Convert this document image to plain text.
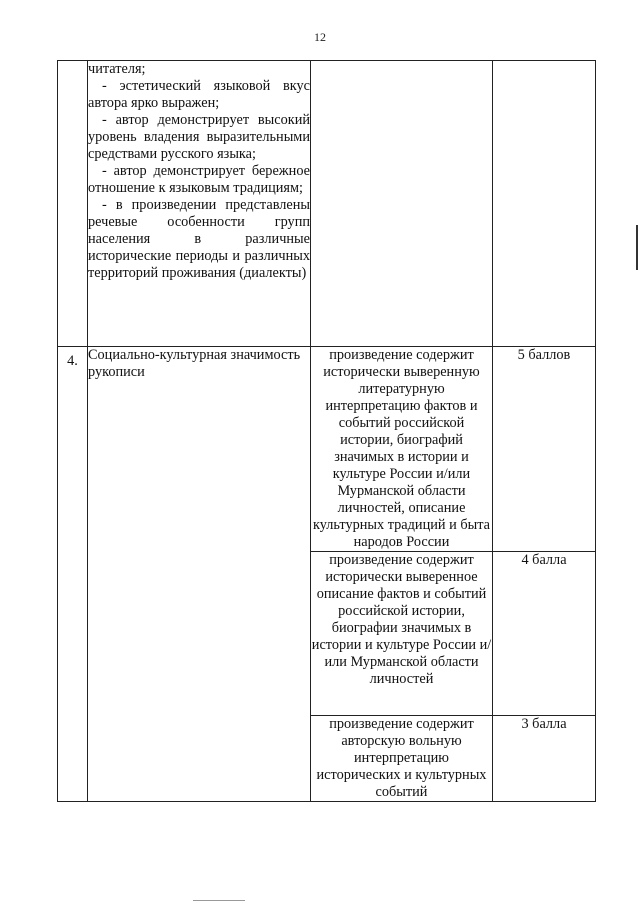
12

	читателя;

- эстетический языковой вкус автора ярко выражен;

- автор демонстрирует высокий уровень владения выразительными средствами русского языка;

- автор демонстрирует бережное отношение к языковым традициям;

- в произведении представлены речевые особенности групп населения в различные исторические периоды и различных территорий проживания (диалекты)		

4.	Социально-культурная значимость рукописи	произведение содержит исторически выверенную литературную интерпретацию фактов и событий российской истории, биографий значимых в истории и культуре России и/или Мурманской области личностей, описание культурных традиций и быта народов России	5 баллов
		произведение содержит исторически выверенное описание фактов и событий российской истории, биографии значимых в истории и культуре России и/или Мурманской области личностей	4 балла
		произведение содержит авторскую вольную интерпретацию исторических и культурных событий	3 балла
